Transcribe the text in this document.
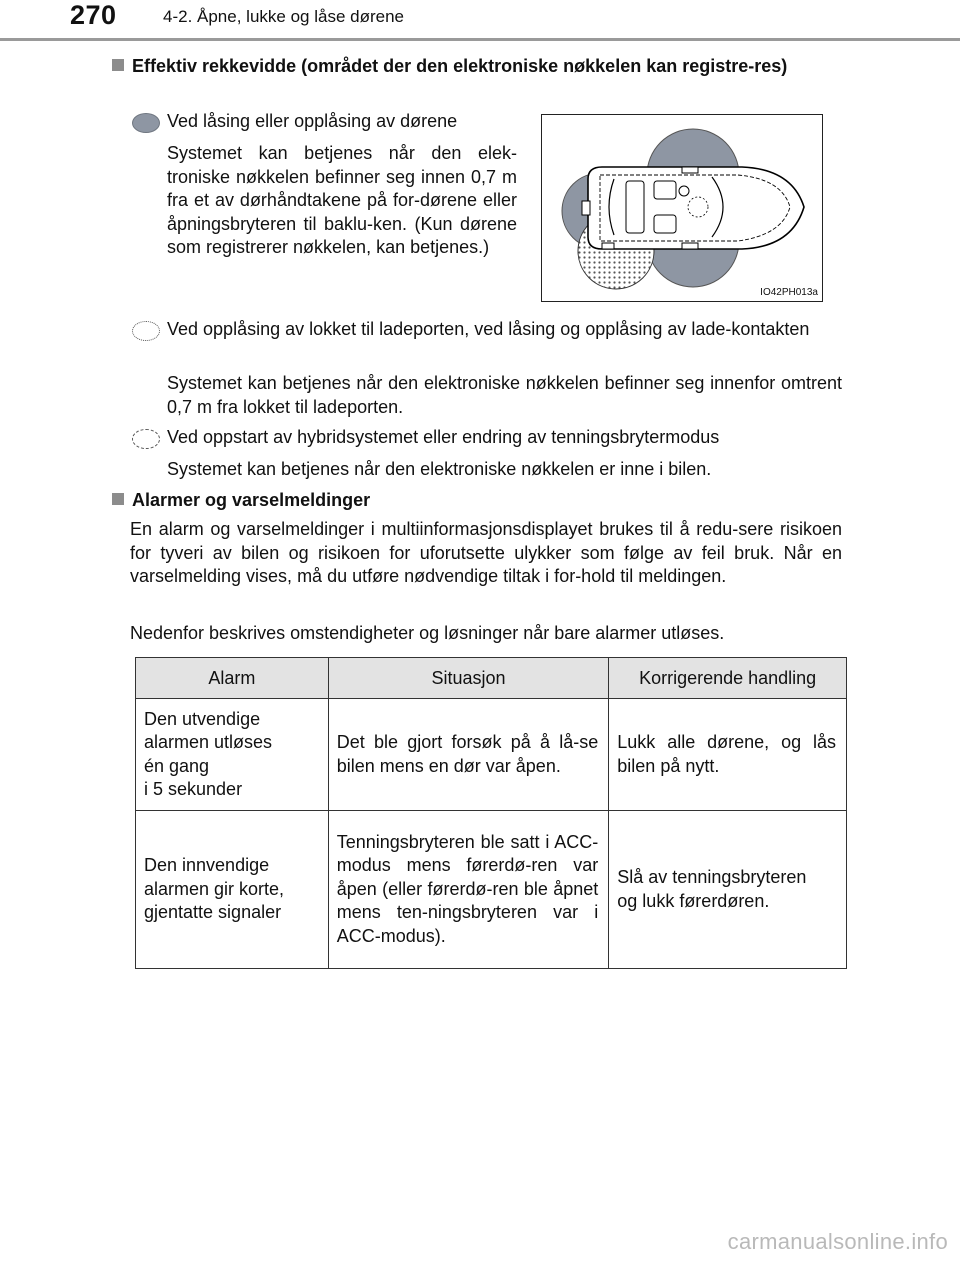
270	4-2. Åpne, lukke og låse dørene
Effektiv rekkevidde (området der den elektroniske nøkkelen kan registre-res)
Ved låsing eller opplåsing av dørene
Systemet kan betjenes når den elek-troniske nøkkelen befinner seg innen 0,7 m fra et av dørhåndtakene på for-dørene eller åpningsbryteren til baklu-ken. (Kun dørene som registrerer nøkkelen, kan betjenes.)
IO42PH013a
Ved opplåsing av lokket til ladeporten, ved låsing og opplåsing av lade-kontakten
Systemet kan betjenes når den elektroniske nøkkelen befinner seg innenfor omtrent 0,7 m fra lokket til ladeporten.
Ved oppstart av hybridsystemet eller endring av tenningsbrytermodus
Systemet kan betjenes når den elektroniske nøkkelen er inne i bilen.
Alarmer og varselmeldinger
En alarm og varselmeldinger i multiinformasjonsdisplayet brukes til å redu-sere risikoen for tyveri av bilen og risikoen for uforutsette ulykker som følge av feil bruk. Når en varselmelding vises, må du utføre nødvendige tiltak i for-hold til meldingen.
Nedenfor beskrives omstendigheter og løsninger når bare alarmer utløses.
Alarm	Situasjon	Korrigerende handling
Den utvendige
alarmen utløses
én gang
i 5 sekunder	Det ble gjort forsøk på å lå-se bilen mens en dør var åpen.	Lukk alle dørene, og lås bilen på nytt.
Den innvendige
alarmen gir korte,
gjentatte signaler	Tenningsbryteren ble satt i ACC-modus mens førerdø-ren var åpen (eller førerdø-ren ble åpnet mens ten-ningsbryteren var i ACC-modus).	Slå av tenningsbryteren
og lukk førerdøren.
carmanualsonline.info
